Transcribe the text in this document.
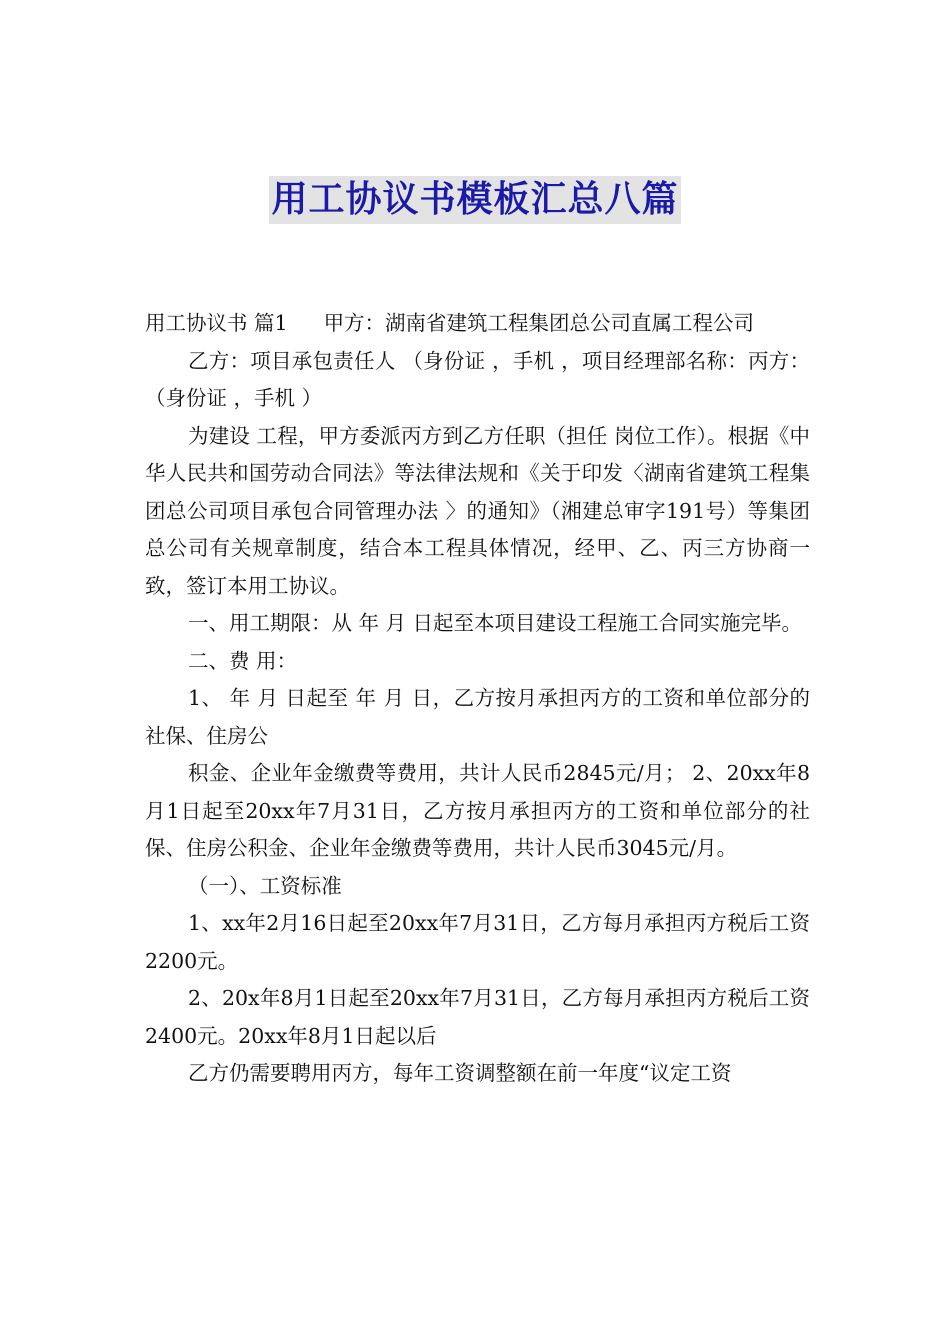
用工协议书模板汇总八篇

用工协议书 篇1 甲方：湖南省建筑工程集团总公司直属工程公司

乙方：项目承包责任人 （身份证 ，手机 ，项目经理部名称：丙方：（身份证 ，手机 ）

为建设 工程，甲方委派丙方到乙方任职（担任 岗位工作）。根据《中华人民共和国劳动合同法》等法律法规和《关于印发〈湖南省建筑工程集团总公司项目承包合同管理办法 〉的通知》（湘建总审字191号）等集团总公司有关规章制度，结合本工程具体情况，经甲、乙、丙三方协商一致，签订本用工协议。

一、用工期限：从 年 月 日起至本项目建设工程施工合同实施完毕。

二、费 用：

1、 年 月 日起至 年 月 日，乙方按月承担丙方的工资和单位部分的社保、住房公

积金、企业年金缴费等费用，共计人民币2845元/月； 2、20xx年8月1日起至20xx年7月31日，乙方按月承担丙方的工资和单位部分的社保、住房公积金、企业年金缴费等费用，共计人民币3045元/月。

（一）、工资标准

1、xx年2月16日起至20xx年7月31日，乙方每月承担丙方税后工资2200元。

2、20x年8月1日起至20xx年7月31日，乙方每月承担丙方税后工资2400元。20xx年8月1日起以后

乙方仍需要聘用丙方，每年工资调整额在前一年度“议定工资
